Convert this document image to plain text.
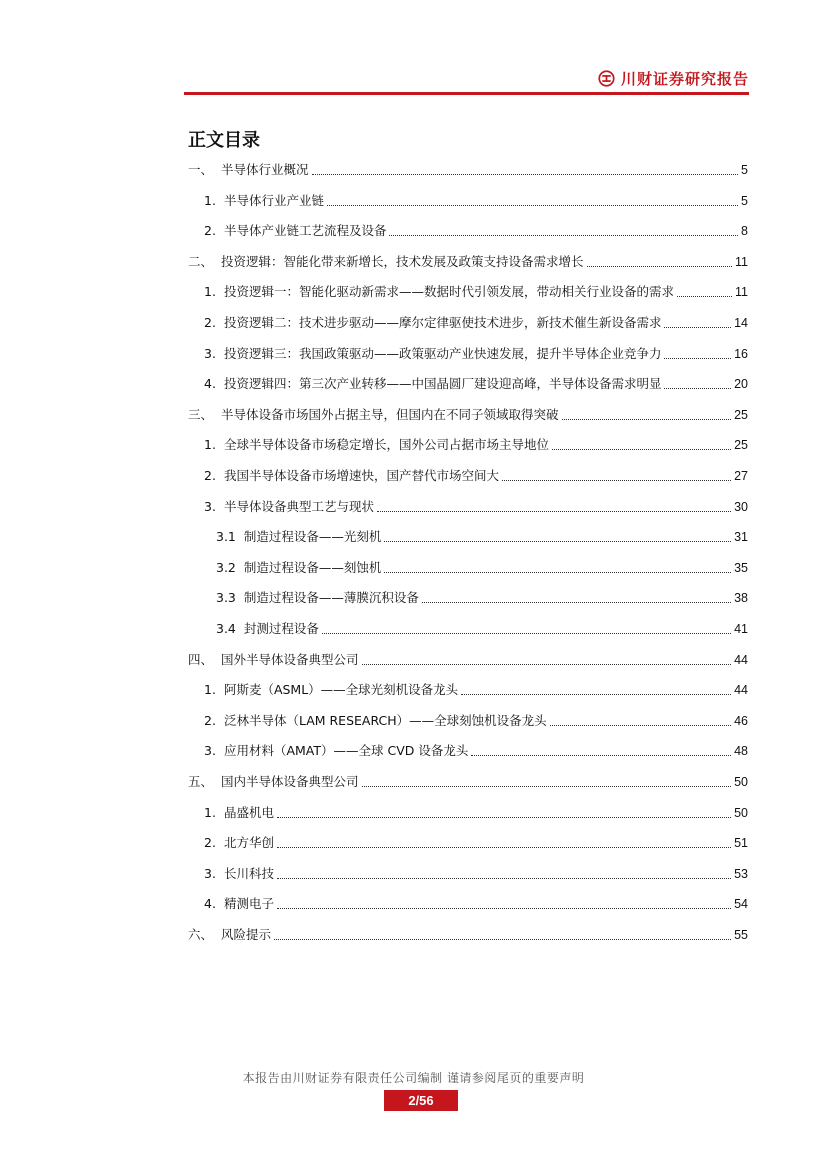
川财证券研究报告
正文目录
一、 半导体行业概况	5
1. 半导体行业产业链	5
2. 半导体产业链工艺流程及设备	8
二、 投资逻辑：智能化带来新增长，技术发展及政策支持设备需求增长	11
1. 投资逻辑一：智能化驱动新需求——数据时代引领发展，带动相关行业设备的需求	11
2. 投资逻辑二：技术进步驱动——摩尔定律驱使技术进步，新技术催生新设备需求	14
3. 投资逻辑三：我国政策驱动——政策驱动产业快速发展，提升半导体企业竞争力	16
4. 投资逻辑四：第三次产业转移——中国晶圆厂建设迎高峰，半导体设备需求明显	20
三、 半导体设备市场国外占据主导，但国内在不同子领域取得突破	25
1. 全球半导体设备市场稳定增长，国外公司占据市场主导地位	25
2. 我国半导体设备市场增速快，国产替代市场空间大	27
3. 半导体设备典型工艺与现状	30
3.1 制造过程设备——光刻机	31
3.2 制造过程设备——刻蚀机	35
3.3 制造过程设备——薄膜沉积设备	38
3.4 封测过程设备	41
四、 国外半导体设备典型公司	44
1. 阿斯麦（ASML）——全球光刻机设备龙头	44
2. 泛林半导体（LAM RESEARCH）——全球刻蚀机设备龙头	46
3. 应用材料（AMAT）——全球 CVD 设备龙头	48
五、 国内半导体设备典型公司	50
1. 晶盛机电	50
2. 北方华创	51
3. 长川科技	53
4. 精测电子	54
六、 风险提示	55
本报告由川财证券有限责任公司编制 谨请参阅尾页的重要声明
2/56
